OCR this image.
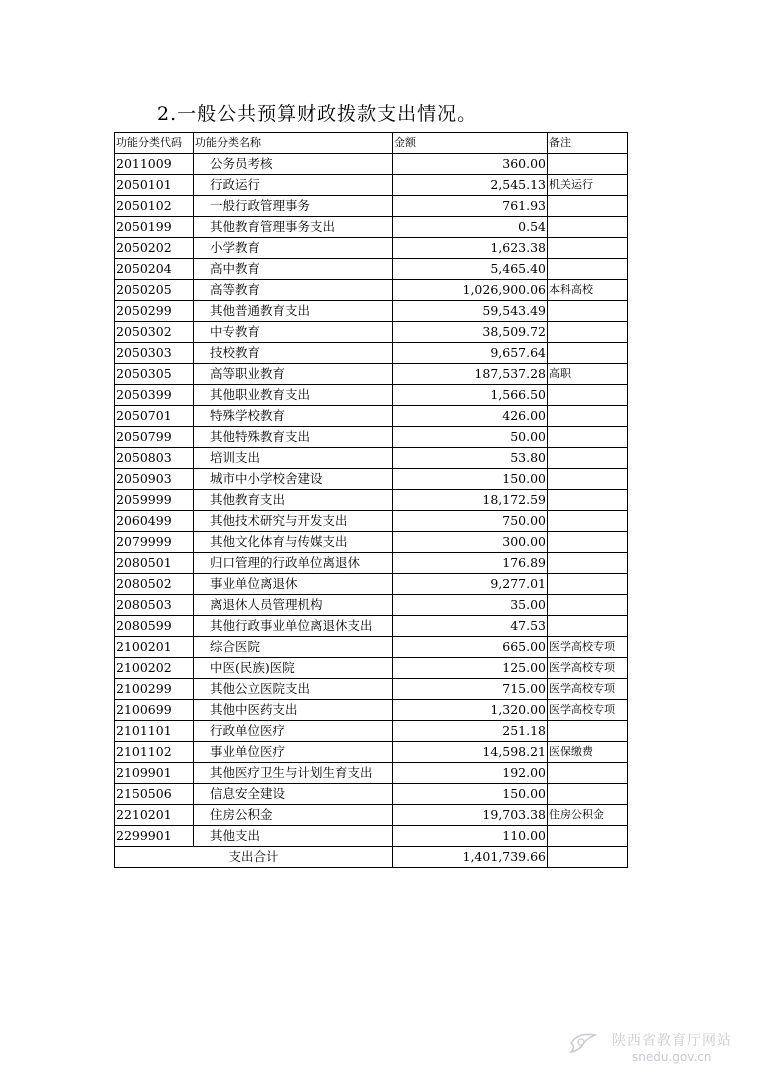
2.一般公共预算财政拨款支出情况。
功能分类代码	功能分类名称	金额	备注
2011009	公务员考核	360.00	
2050101	行政运行	2,545.13	机关运行
2050102	一般行政管理事务	761.93	
2050199	其他教育管理事务支出	0.54	
2050202	小学教育	1,623.38	
2050204	高中教育	5,465.40	
2050205	高等教育	1,026,900.06	本科高校
2050299	其他普通教育支出	59,543.49	
2050302	中专教育	38,509.72	
2050303	技校教育	9,657.64	
2050305	高等职业教育	187,537.28	高职
2050399	其他职业教育支出	1,566.50	
2050701	特殊学校教育	426.00	
2050799	其他特殊教育支出	50.00	
2050803	培训支出	53.80	
2050903	城市中小学校舍建设	150.00	
2059999	其他教育支出	18,172.59	
2060499	其他技术研究与开发支出	750.00	
2079999	其他文化体育与传媒支出	300.00	
2080501	归口管理的行政单位离退休	176.89	
2080502	事业单位离退休	9,277.01	
2080503	离退休人员管理机构	35.00	
2080599	其他行政事业单位离退休支出	47.53	
2100201	综合医院	665.00	医学高校专项
2100202	中医(民族)医院	125.00	医学高校专项
2100299	其他公立医院支出	715.00	医学高校专项
2100699	其他中医药支出	1,320.00	医学高校专项
2101101	行政单位医疗	251.18	
2101102	事业单位医疗	14,598.21	医保缴费
2109901	其他医疗卫生与计划生育支出	192.00	
2150506	信息安全建设	150.00	
2210201	住房公积金	19,703.38	住房公积金
2299901	其他支出	110.00	
支出合计		1,401,739.66	
陕西省教育厅网站
snedu.gov.cn
